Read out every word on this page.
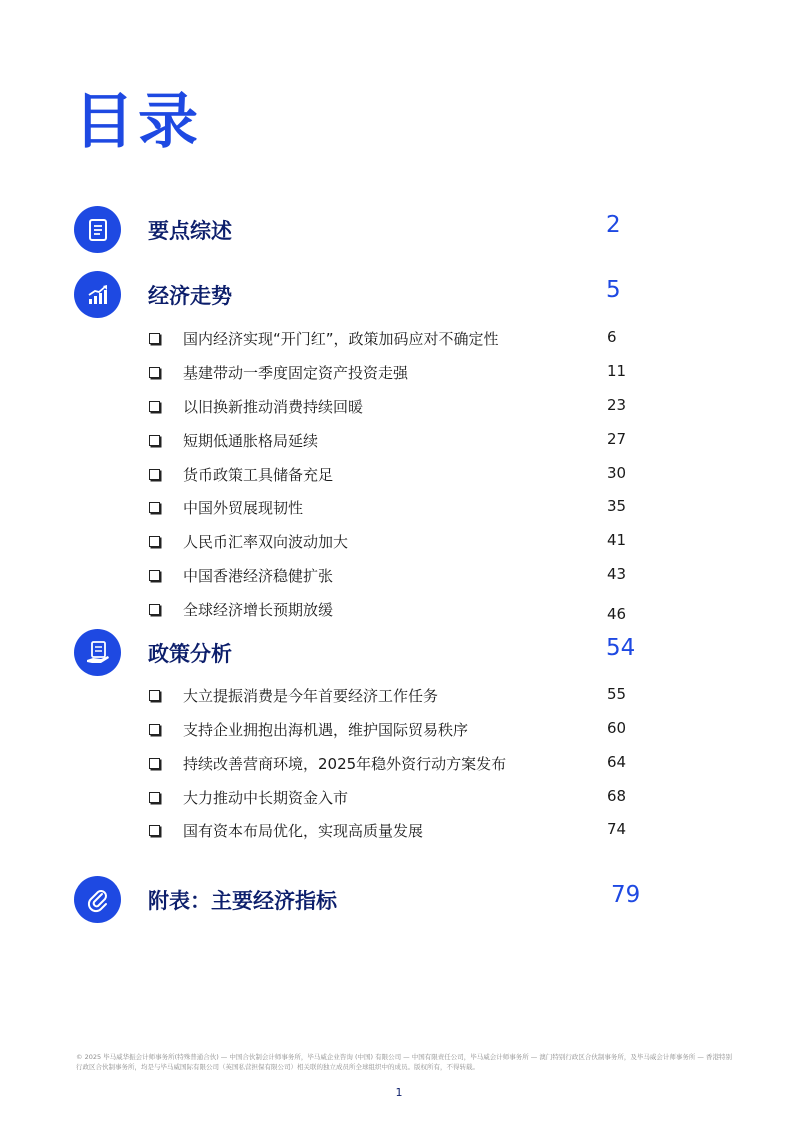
目录
要点综述	2
经济走势	5
国内经济实现“开门红”，政策加码应对不确定性	6
基建带动一季度固定资产投资走强	11
以旧换新推动消费持续回暖	23
短期低通胀格局延续	27
货币政策工具储备充足	30
中国外贸展现韧性	35
人民币汇率双向波动加大	41
中国香港经济稳健扩张	43
全球经济增长预期放缓	46
政策分析	54
大立提振消费是今年首要经济工作任务	55
支持企业拥抱出海机遇，维护国际贸易秩序	60
持续改善营商环境，2025年稳外资行动方案发布	64
大力推动中长期资金入市	68
国有资本布局优化，实现高质量发展	74
附表：主要经济指标	79
© 2025 毕马威华振会计师事务所(特殊普通合伙) — 中国合伙制会计师事务所，毕马威企业咨询 (中国) 有限公司 — 中国有限责任公司，毕马威会计师事务所 — 澳门特别行政区合伙制事务所，及毕马威会计师事务所 — 香港特别行政区合伙制事务所，均是与毕马威国际有限公司（英国私营担保有限公司）相关联的独立成员所全球组织中的成员。版权所有，不得转载。
1
